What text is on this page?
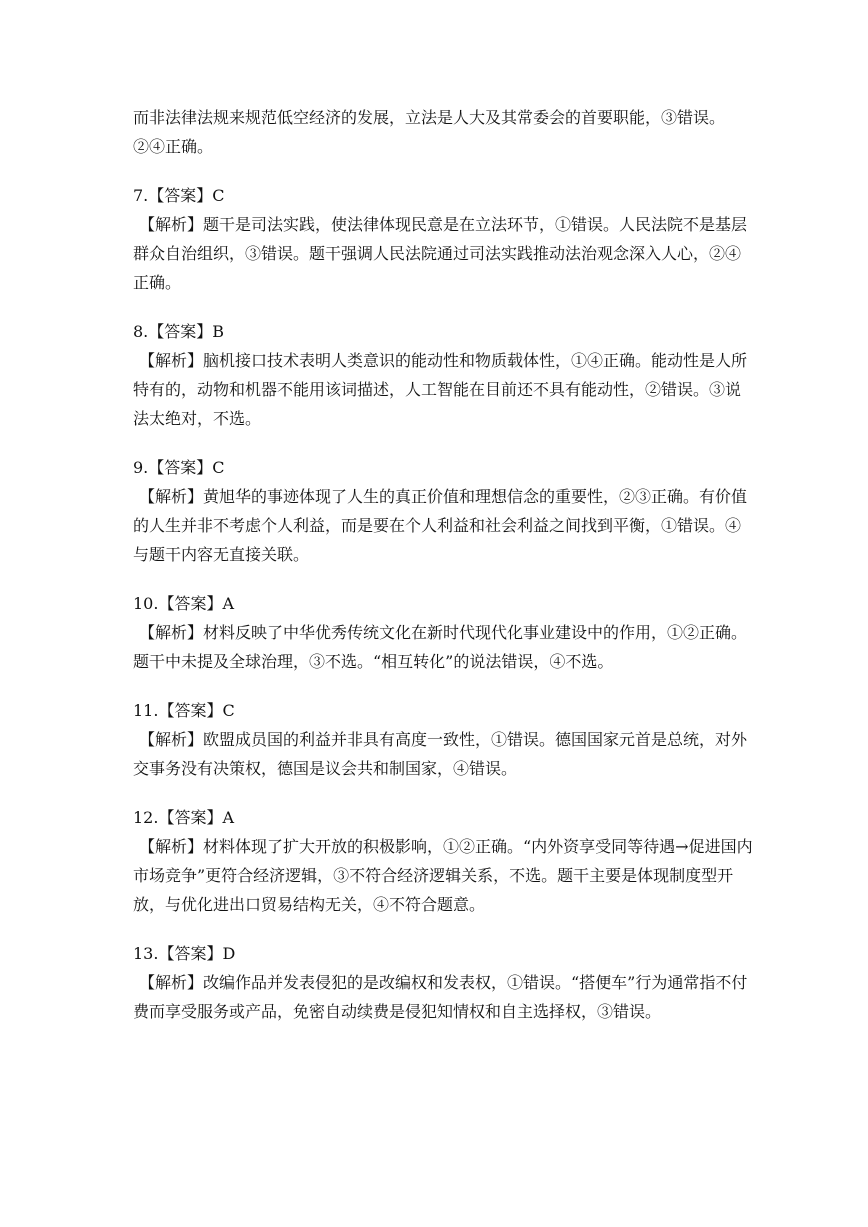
而非法律法规来规范低空经济的发展，立法是人大及其常委会的首要职能，③错误。②④正确。

7.【答案】C

【解析】题干是司法实践，使法律体现民意是在立法环节，①错误。人民法院不是基层群众自治组织，③错误。题干强调人民法院通过司法实践推动法治观念深入人心，②④正确。

8.【答案】B

【解析】脑机接口技术表明人类意识的能动性和物质载体性，①④正确。能动性是人所特有的，动物和机器不能用该词描述，人工智能在目前还不具有能动性，②错误。③说法太绝对，不选。

9.【答案】C

【解析】黄旭华的事迹体现了人生的真正价值和理想信念的重要性，②③正确。有价值的人生并非不考虑个人利益，而是要在个人利益和社会利益之间找到平衡，①错误。④与题干内容无直接关联。

10.【答案】A

【解析】材料反映了中华优秀传统文化在新时代现代化事业建设中的作用，①②正确。题干中未提及全球治理，③不选。“相互转化”的说法错误，④不选。

11.【答案】C

【解析】欧盟成员国的利益并非具有高度一致性，①错误。德国国家元首是总统，对外交事务没有决策权，德国是议会共和制国家，④错误。

12.【答案】A

【解析】材料体现了扩大开放的积极影响，①②正确。“内外资享受同等待遇→促进国内市场竞争”更符合经济逻辑，③不符合经济逻辑关系，不选。题干主要是体现制度型开放，与优化进出口贸易结构无关，④不符合题意。

13.【答案】D

【解析】改编作品并发表侵犯的是改编权和发表权，①错误。“搭便车”行为通常指不付费而享受服务或产品，免密自动续费是侵犯知情权和自主选择权，③错误。
